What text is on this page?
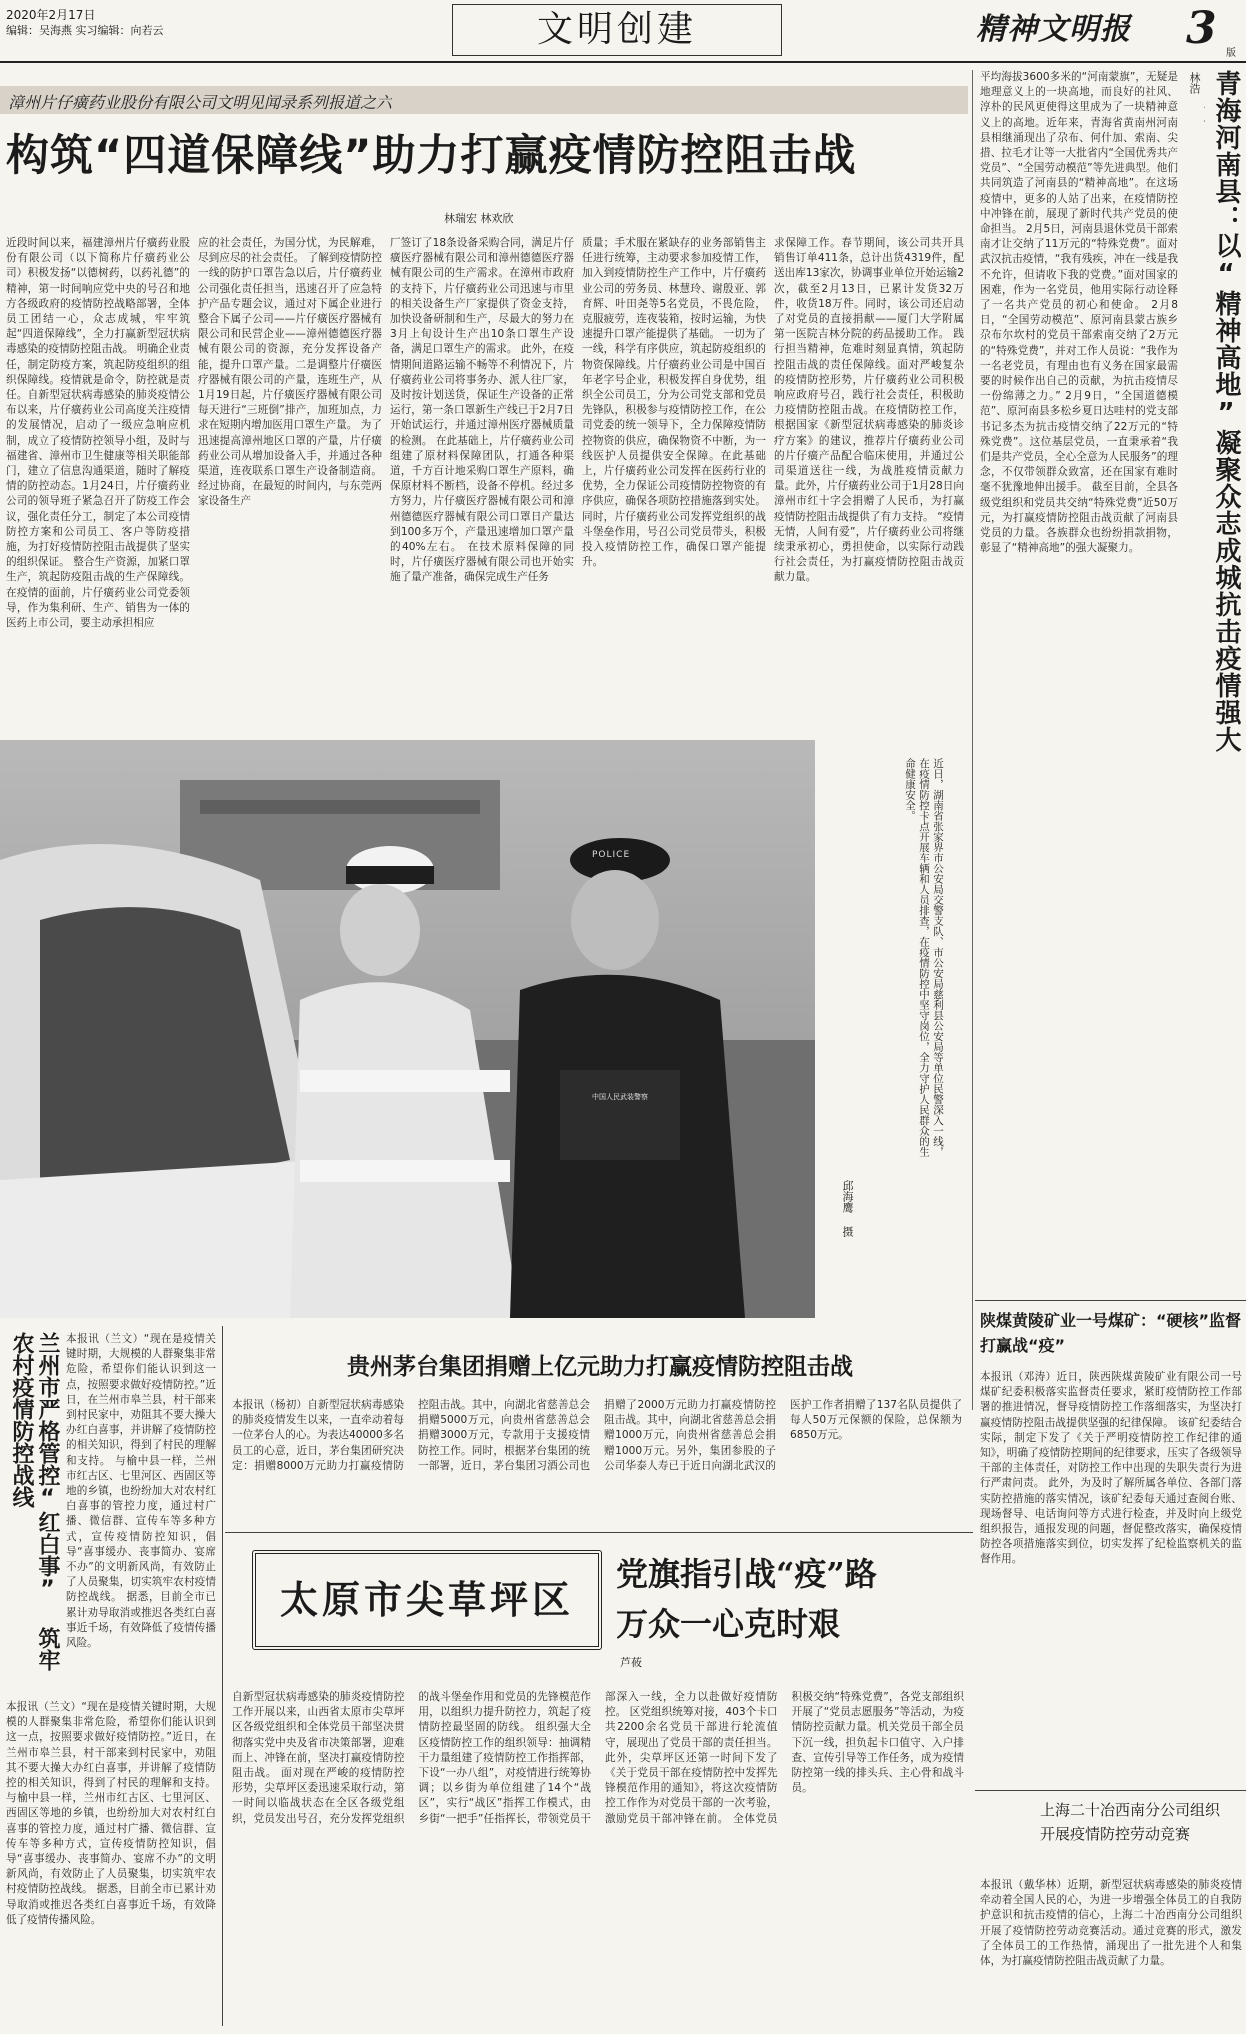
2020年2月17日
编辑：吴海燕 实习编辑：向若云	文明创建	精神文明报	3 版
漳州片仔癀药业股份有限公司文明见闻录系列报道之六
构筑“四道保障线”助力打赢疫情防控阻击战
林瑞宏 林欢欣
近段时间以来，福建漳州片仔癀药业股份有限公司（以下简称片仔癀药业公司）积极发扬“以德树药，以药礼德”的精神，第一时间响应党中央的号召和地方各级政府的疫情防控战略部署，全体员工团结一心，众志成城，牢牢筑起“四道保障线”，全力打赢新型冠状病毒感染的疫情防控阻击战。 明确企业责任，制定防疫方案，筑起防疫组织的组织保障线。疫情就是命令，防控就是责任。自新型冠状病毒感染的肺炎疫情公布以来，片仔癀药业公司高度关注疫情的发展情况，启动了一级应急响应机制，成立了疫情防控领导小组，及时与福建省、漳州市卫生健康等相关职能部门，建立了信息沟通渠道，随时了解疫情的防控动态。1月24日，片仔癀药业公司的领导班子紧急召开了防疫工作会议，强化责任分工，制定了本公司疫情防控方案和公司员工、客户等防疫措施，为打好疫情防控阻击战提供了坚实的组织保证。 整合生产资源，加紧口罩生产，筑起防疫阻击战的生产保障线。在疫情的面前，片仔癀药业公司党委领导，作为集利研、生产、销售为一体的医药上市公司，要主动承担相应
应的社会责任，为国分忧，为民解难，尽到应尽的社会责任。 了解到疫情防控一线的防护口罩告急以后，片仔癀药业公司强化责任担当，迅速召开了应急特护产品专题会议，通过对下属企业进行整合下属子公司——片仔癀医疗器械有限公司和民营企业——漳州德德医疗器械有限公司的资源，充分发挥设备产能，提升口罩产量。二是调整片仔癀医疗器械有限公司的产量，连班生产，从1月19日起，片仔癀医疗器械有限公司每天进行“三班倒”排产，加班加点，力求在短期内增加医用口罩生产量。 为了迅速提高漳州地区口罩的产量，片仔癀药业公司从增加设备入手，并通过各种渠道，连夜联系口罩生产设备制造商。经过协商，在最短的时间内，与东莞两家设备生产
厂签订了18条设备采购合同，满足片仔癀医疗器械有限公司和漳州德德医疗器械有限公司的生产需求。在漳州市政府的支持下，片仔癀药业公司迅速与市里的相关设备生产厂家提供了资金支持，加快设备研制和生产，尽最大的努力在3月上旬设计生产出10条口罩生产设备，满足口罩生产的需求。 此外，在疫情期间道路运输不畅等不利情况下，片仔癀药业公司将事务办、派人往厂家，及时按计划送货，保证生产设备的正常运行，第一条口罩新生产线已于2月7日开始试运行，并通过漳州医疗器械质量的检测。 在此基础上，片仔癀药业公司组建了原材料保障团队，打通各种渠道，千方百计地采购口罩生产原料，确保原材料不断档，设备不停机。经过多方努力，片仔癀医疗器械有限公司和漳州德德医疗器械有限公司口罩日产量达到100多万个，产量迅速增加口罩产量的40%左右。 在技术原料保障的同时，片仔癀医疗器械有限公司也开始实施了量产准备，确保完成生产任务
质量；手术服在紧缺存的业务部销售主任进行统筹，主动要求参加疫情工作，加入到疫情防控生产工作中，片仔癀药业公司的劳务员、林慧玲、谢殷亚、郭育辉、叶田尧等5名党员，不畏危险，克服疲劳，连夜装箱，按时运输，为快速提升口罩产能提供了基础。 一切为了一线，科学有序供应，筑起防疫组织的物资保障线。片仔癀药业公司是中国百年老字号企业，积极发挥自身优势，组织全公司员工，分为公司党支部和党员先锋队，积极参与疫情防控工作，在公司党委的统一领导下，全力保障疫情防控物资的供应，确保物资不中断，为一线医护人员提供安全保障。在此基础上，片仔癀药业公司发挥在医药行业的优势，全力保证公司疫情防控物资的有序供应，确保各项防控措施落到实处。 同时，片仔癀药业公司发挥党组织的战斗堡垒作用，号召公司党员带头，积极投入疫情防控工作，确保口罩产能提升。
求保障工作。春节期间，该公司共开具销售订单411条，总计出货4319件，配送出库13家次，协调事业单位开始运输2次，截至2月13日，已累计发货32万件，收货18万件。同时，该公司还启动了对党员的直接捐献——厦门大学附属第一医院吉林分院的药品援助工作。 践行担当精神，危难时刻显真情，筑起防控阻击战的责任保障线。面对严峻复杂的疫情防控形势，片仔癀药业公司积极响应政府号召，践行社会责任，积极助力疫情防控阻击战。在疫情防控工作，根据国家《新型冠状病毒感染的肺炎诊疗方案》的建议，推荐片仔癀药业公司的片仔癀产品配合临床使用，并通过公司渠道送往一线，为战胜疫情贡献力量。此外，片仔癀药业公司于1月28日向漳州市红十字会捐赠了人民币，为打赢疫情防控阻击战提供了有力支持。 “疫情无情，人间有爱”，片仔癀药业公司将继续秉承初心，勇担使命，以实际行动践行社会责任，为打赢疫情防控阻击战贡献力量。
POLICE
中国人民武装警察	近日，湖南省张家界市公安局交警支队、市公安局慈利县公安局等单位民警深入一线，在疫情防控卡点开展车辆和人员排查，在疫情防控中坚守岗位，全力守护人民群众的生命健康安全。
邱海鹰 摄
青海河南县：以“精神高地”凝聚众志成城抗击疫情强大
林浩
平均海拔3600多米的“河南蒙旗”，无疑是地理意义上的一块高地，而良好的社风、淳朴的民风更使得这里成为了一块精神意义上的高地。近年来，青海省黄南州河南县相继涌现出了尕布、何什加、索南、尖措、拉毛才让等一大批省内“全国优秀共产党员”、“全国劳动模范”等先进典型。他们共同筑造了河南县的“精神高地”。在这场疫情中，更多的人站了出来，在疫情防控中冲锋在前，展现了新时代共产党员的使命担当。 2月5日，河南县退休党员干部索南才让交纳了11万元的“特殊党费”。面对武汉抗击疫情，“我有残疾，冲在一线是我不允许，但请收下我的党费。”面对国家的困难，作为一名党员，他用实际行动诠释了一名共产党员的初心和使命。 2月8日，“全国劳动模范”、原河南县蒙古族乡尕布尔坎村的党员干部索南交纳了2万元的“特殊党费”，并对工作人员说：“我作为一名老党员，有理由也有义务在国家最需要的时候作出自己的贡献，为抗击疫情尽一份绵薄之力。” 2月9日，“全国道德模范”、原河南县多松乡夏日达哇村的党支部书记多杰为抗击疫情交纳了22万元的“特殊党费”。这位基层党员，一直秉承着“我们是共产党员，全心全意为人民服务”的理念，不仅带领群众致富，还在国家有难时毫不犹豫地伸出援手。 截至目前，全县各级党组织和党员共交纳“特殊党费”近50万元，为打赢疫情防控阻击战贡献了河南县党员的力量。各族群众也纷纷捐款捐物，彰显了“精神高地”的强大凝聚力。
陕煤黄陵矿业一号煤矿：“硬核”监督 打赢战“疫”
本报讯（邓涛）近日，陕西陕煤黄陵矿业有限公司一号煤矿纪委积极落实监督责任要求，紧盯疫情防控工作部署的推进情况，督导疫情防控工作落细落实，为坚决打赢疫情防控阻击战提供坚强的纪律保障。 该矿纪委结合实际，制定下发了《关于严明疫情防控工作纪律的通知》，明确了疫情防控期间的纪律要求，压实了各级领导干部的主体责任，对防控工作中出现的失职失责行为进行严肃问责。 此外，为及时了解所属各单位、各部门落实防控措施的落实情况，该矿纪委每天通过查阅台账、现场督导、电话询问等方式进行检查，并及时向上级党组织报告，通报发现的问题，督促整改落实，确保疫情防控各项措施落实到位，切实发挥了纪检监察机关的监督作用。
上海二十冶西南分公司组织开展疫情防控劳动竞赛
本报讯（戴华林）近期，新型冠状病毒感染的肺炎疫情牵动着全国人民的心，为进一步增强全体员工的自我防护意识和抗击疫情的信心，上海二十冶西南分公司组织开展了疫情防控劳动竞赛活动。通过竞赛的形式，激发了全体员工的工作热情，涌现出了一批先进个人和集体，为打赢疫情防控阻击战贡献了力量。
兰州市严格管控“红白事” 筑牢农村疫情防控战线	本报讯（兰文）“现在是疫情关键时期，大规模的人群聚集非常危险，希望你们能认识到这一点，按照要求做好疫情防控。”近日，在兰州市皋兰县，村干部来到村民家中，劝阻其不要大操大办红白喜事，并讲解了疫情防控的相关知识，得到了村民的理解和支持。 与榆中县一样，兰州市红古区、七里河区、西固区等地的乡镇，也纷纷加大对农村红白喜事的管控力度，通过村广播、微信群、宣传车等多种方式，宣传疫情防控知识，倡导“喜事缓办、丧事简办、宴席不办”的文明新风尚，有效防止了人员聚集，切实筑牢农村疫情防控战线。 据悉，目前全市已累计劝导取消或推迟各类红白喜事近千场，有效降低了疫情传播风险。
本报讯（兰文）“现在是疫情关键时期，大规模的人群聚集非常危险，希望你们能认识到这一点，按照要求做好疫情防控。”近日，在兰州市皋兰县，村干部来到村民家中，劝阻其不要大操大办红白喜事，并讲解了疫情防控的相关知识，得到了村民的理解和支持。 与榆中县一样，兰州市红古区、七里河区、西固区等地的乡镇，也纷纷加大对农村红白喜事的管控力度，通过村广播、微信群、宣传车等多种方式，宣传疫情防控知识，倡导“喜事缓办、丧事简办、宴席不办”的文明新风尚，有效防止了人员聚集，切实筑牢农村疫情防控战线。 据悉，目前全市已累计劝导取消或推迟各类红白喜事近千场，有效降低了疫情传播风险。
贵州茅台集团捐赠上亿元助力打赢疫情防控阻击战
本报讯（杨初）自新型冠状病毒感染的肺炎疫情发生以来，一直牵动着每一位茅台人的心。为表达40000多名员工的心意，近日，茅台集团研究决定：捐赠8000万元助力打赢疫情防控阻击战。其中，向湖北省慈善总会捐赠5000万元，向贵州省慈善总会捐赠3000万元，专款用于支援疫情防控工作。同时，根据茅台集团的统一部署，近日，茅台集团习酒公司也捐赠了2000万元助力打赢疫情防控阻击战。其中，向湖北省慈善总会捐赠1000万元，向贵州省慈善总会捐赠1000万元。另外，集团参股的子公司华泰人寿已于近日向湖北武汉的医护工作者捐赠了137名队员提供了每人50万元保额的保险，总保额为6850万元。
太原市尖草坪区
党旗指引战“疫”路
万众一心克时艰
芦莜
自新型冠状病毒感染的肺炎疫情防控工作开展以来，山西省太原市尖草坪区各级党组织和全体党员干部坚决贯彻落实党中央及省市决策部署，迎难而上、冲锋在前，坚决打赢疫情防控阻击战。 面对现在严峻的疫情防控形势，尖草坪区委迅速采取行动，第一时间以临战状态在全区各级党组织，党员发出号召，充分发挥党组织的战斗堡垒作用和党员的先锋模范作用，以组织力提升防控力，筑起了疫情防控最坚固的防线。 组织强大全区疫情防控工作的组织领导：抽调精干力量组建了疫情防控工作指挥部，下设“一办八组”，对疫情进行统筹协调；以乡街为单位组建了14个“战区”，实行“战区”指挥工作模式，由乡街“一把手”任指挥长，带领党员干部深入一线，全力以赴做好疫情防控。 区党组织统筹对接，403个卡口共2200余名党员干部进行轮流值守，展现出了党员干部的责任担当。此外，尖草坪区还第一时间下发了《关于党员干部在疫情防控中发挥先锋模范作用的通知》，将这次疫情防控工作作为对党员干部的一次考验，激励党员干部冲锋在前。 全体党员积极交纳“特殊党费”，各党支部组织开展了“党员志愿服务”等活动，为疫情防控贡献力量。机关党员干部全员下沉一线，担负起卡口值守、入户排查、宣传引导等工作任务，成为疫情防控第一线的排头兵、主心骨和战斗员。
